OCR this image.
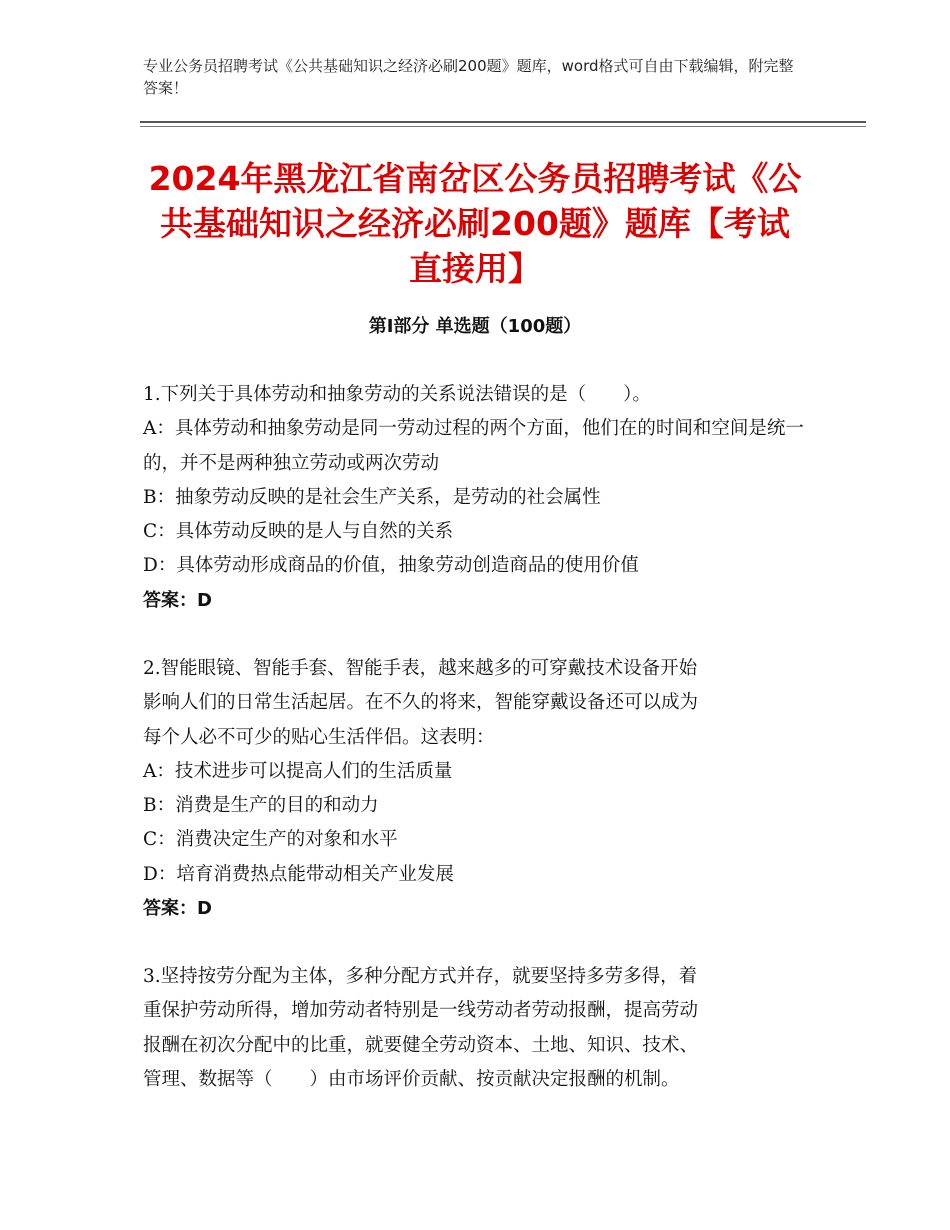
专业公务员招聘考试《公共基础知识之经济必刷200题》题库，word格式可自由下载编辑，附完整答案！
2024年黑龙江省南岔区公务员招聘考试《公
共基础知识之经济必刷200题》题库【考试
直接用】
第Ⅰ部分 单选题（100题）
1.下列关于具体劳动和抽象劳动的关系说法错误的是（　　）。
A：具体劳动和抽象劳动是同一劳动过程的两个方面，他们在的时间和空间是统一的，并不是两种独立劳动或两次劳动
B：抽象劳动反映的是社会生产关系，是劳动的社会属性
C：具体劳动反映的是人与自然的关系
D：具体劳动形成商品的价值，抽象劳动创造商品的使用价值
答案：D
2.智能眼镜、智能手套、智能手表，越来越多的可穿戴技术设备开始
影响人们的日常生活起居。在不久的将来，智能穿戴设备还可以成为
每个人必不可少的贴心生活伴侣。这表明：
A：技术进步可以提高人们的生活质量
B：消费是生产的目的和动力
C：消费决定生产的对象和水平
D：培育消费热点能带动相关产业发展
答案：D
3.坚持按劳分配为主体，多种分配方式并存，就要坚持多劳多得，着
重保护劳动所得，增加劳动者特别是一线劳动者劳动报酬，提高劳动
报酬在初次分配中的比重，就要健全劳动资本、土地、知识、技术、
管理、数据等（　　）由市场评价贡献、按贡献决定报酬的机制。
